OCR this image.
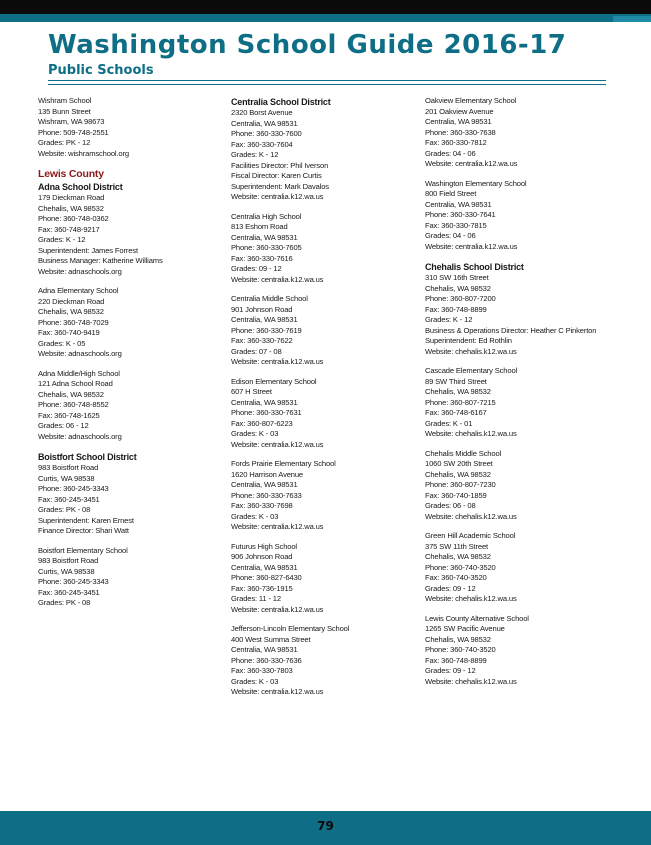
Washington School Guide 2016-17
Public Schools
Wishram School
135 Bunn Street
Wishram, WA 98673
Phone: 509-748-2551
Grades: PK - 12
Website: wishramschool.org
Lewis County
Adna School District
179 Dieckman Road
Chehalis, WA 98532
Phone: 360-748-0362
Fax: 360-748-9217
Grades: K - 12
Superintendent: James Forrest
Business Manager: Katherine Williams
Website: adnaschools.org
Adna Elementary School
220 Dieckman Road
Chehalis, WA 98532
Phone: 360-748-7029
Fax: 360-740-9419
Grades: K - 05
Website: adnaschools.org
Adna Middle/High School
121 Adna School Road
Chehalis, WA 98532
Phone: 360-748-8552
Fax: 360-748-1625
Grades: 06 - 12
Website: adnaschools.org
Boistfort School District
983 Boistfort Road
Curtis, WA 98538
Phone: 360-245-3343
Fax: 360-245-3451
Grades: PK - 08
Superintendent: Karen Ernest
Finance Director: Shari Watt
Boistfort Elementary School
983 Boistfort Road
Curtis, WA 98538
Phone: 360-245-3343
Fax: 360-245-3451
Grades: PK - 08
Centralia School District
2320 Borst Avenue
Centralia, WA 98531
Phone: 360-330-7600
Fax: 360-330-7604
Grades: K - 12
Facilities Director: Phil Iverson
Fiscal Director: Karen Curtis
Superintendent: Mark Davalos
Website: centralia.k12.wa.us
Centralia High School
813 Eshom Road
Centralia, WA 98531
Phone: 360-330-7605
Fax: 360-330-7616
Grades: 09 - 12
Website: centralia.k12.wa.us
Centralia Middle School
901 Johnson Road
Centralia, WA 98531
Phone: 360-330-7619
Fax: 360-330-7622
Grades: 07 - 08
Website: centralia.k12.wa.us
Edison Elementary School
607 H Street
Centralia, WA 98531
Phone: 360-330-7631
Fax: 360-807-6223
Grades: K - 03
Website: centralia.k12.wa.us
Fords Prairie Elementary School
1620 Harrison Avenue
Centralia, WA 98531
Phone: 360-330-7633
Fax: 360-330-7698
Grades: K - 03
Website: centralia.k12.wa.us
Futurus High School
906 Johnson Road
Centralia, WA 98531
Phone: 360-827-6430
Fax: 360-736-1915
Grades: 11 - 12
Website: centralia.k12.wa.us
Jefferson-Lincoln Elementary School
400 West Summa Street
Centralia, WA 98531
Phone: 360-330-7636
Fax: 360-330-7803
Grades: K - 03
Website: centralia.k12.wa.us
Oakview Elementary School
201 Oakview Avenue
Centralia, WA 98531
Phone: 360-330-7638
Fax: 360-330-7812
Grades: 04 - 06
Website: centralia.k12.wa.us
Washington Elementary School
800 Field Street
Centralia, WA 98531
Phone: 360-330-7641
Fax: 360-330-7815
Grades: 04 - 06
Website: centralia.k12.wa.us
Chehalis School District
310 SW 16th Street
Chehalis, WA 98532
Phone: 360-807-7200
Fax: 360-748-8899
Grades: K - 12
Business & Operations Director: Heather C Pinkerton
Superintendent: Ed Rothlin
Website: chehalis.k12.wa.us
Cascade Elementary School
89 SW Third Street
Chehalis, WA 98532
Phone: 360-807-7215
Fax: 360-748-6167
Grades: K - 01
Website: chehalis.k12.wa.us
Chehalis Middle School
1060 SW 20th Street
Chehalis, WA 98532
Phone: 360-807-7230
Fax: 360-740-1859
Grades: 06 - 08
Website: chehalis.k12.wa.us
Green Hill Academic School
375 SW 11th Street
Chehalis, WA 98532
Phone: 360-740-3520
Fax: 360-740-3520
Grades: 09 - 12
Website: chehalis.k12.wa.us
Lewis County Alternative School
1265 SW Pacific Avenue
Chehalis, WA 98532
Phone: 360-740-3520
Fax: 360-748-8899
Grades: 09 - 12
Website: chehalis.k12.wa.us
79
